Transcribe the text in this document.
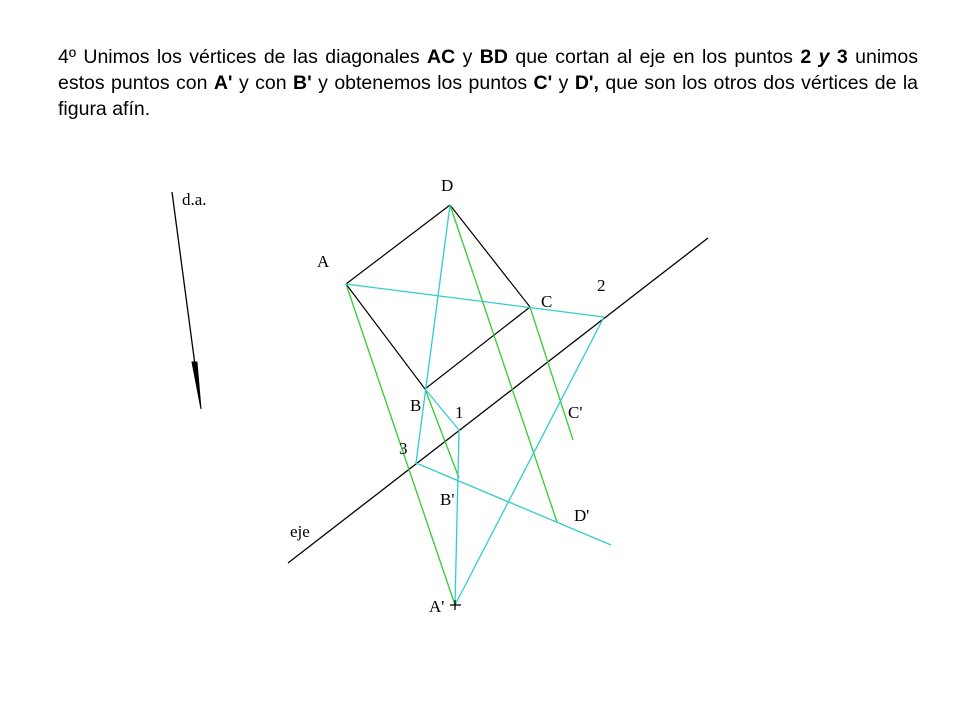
4º Unimos los vértices de las diagonales AC y BD que cortan al eje en los puntos 2 y 3 unimos estos puntos con A' y con B' y obtenemos los puntos C' y D', que son los otros dos vértices de la figura afín.
d.a.
eje
A
B
C
D
A'
B'
C'
D'
1
2
3
